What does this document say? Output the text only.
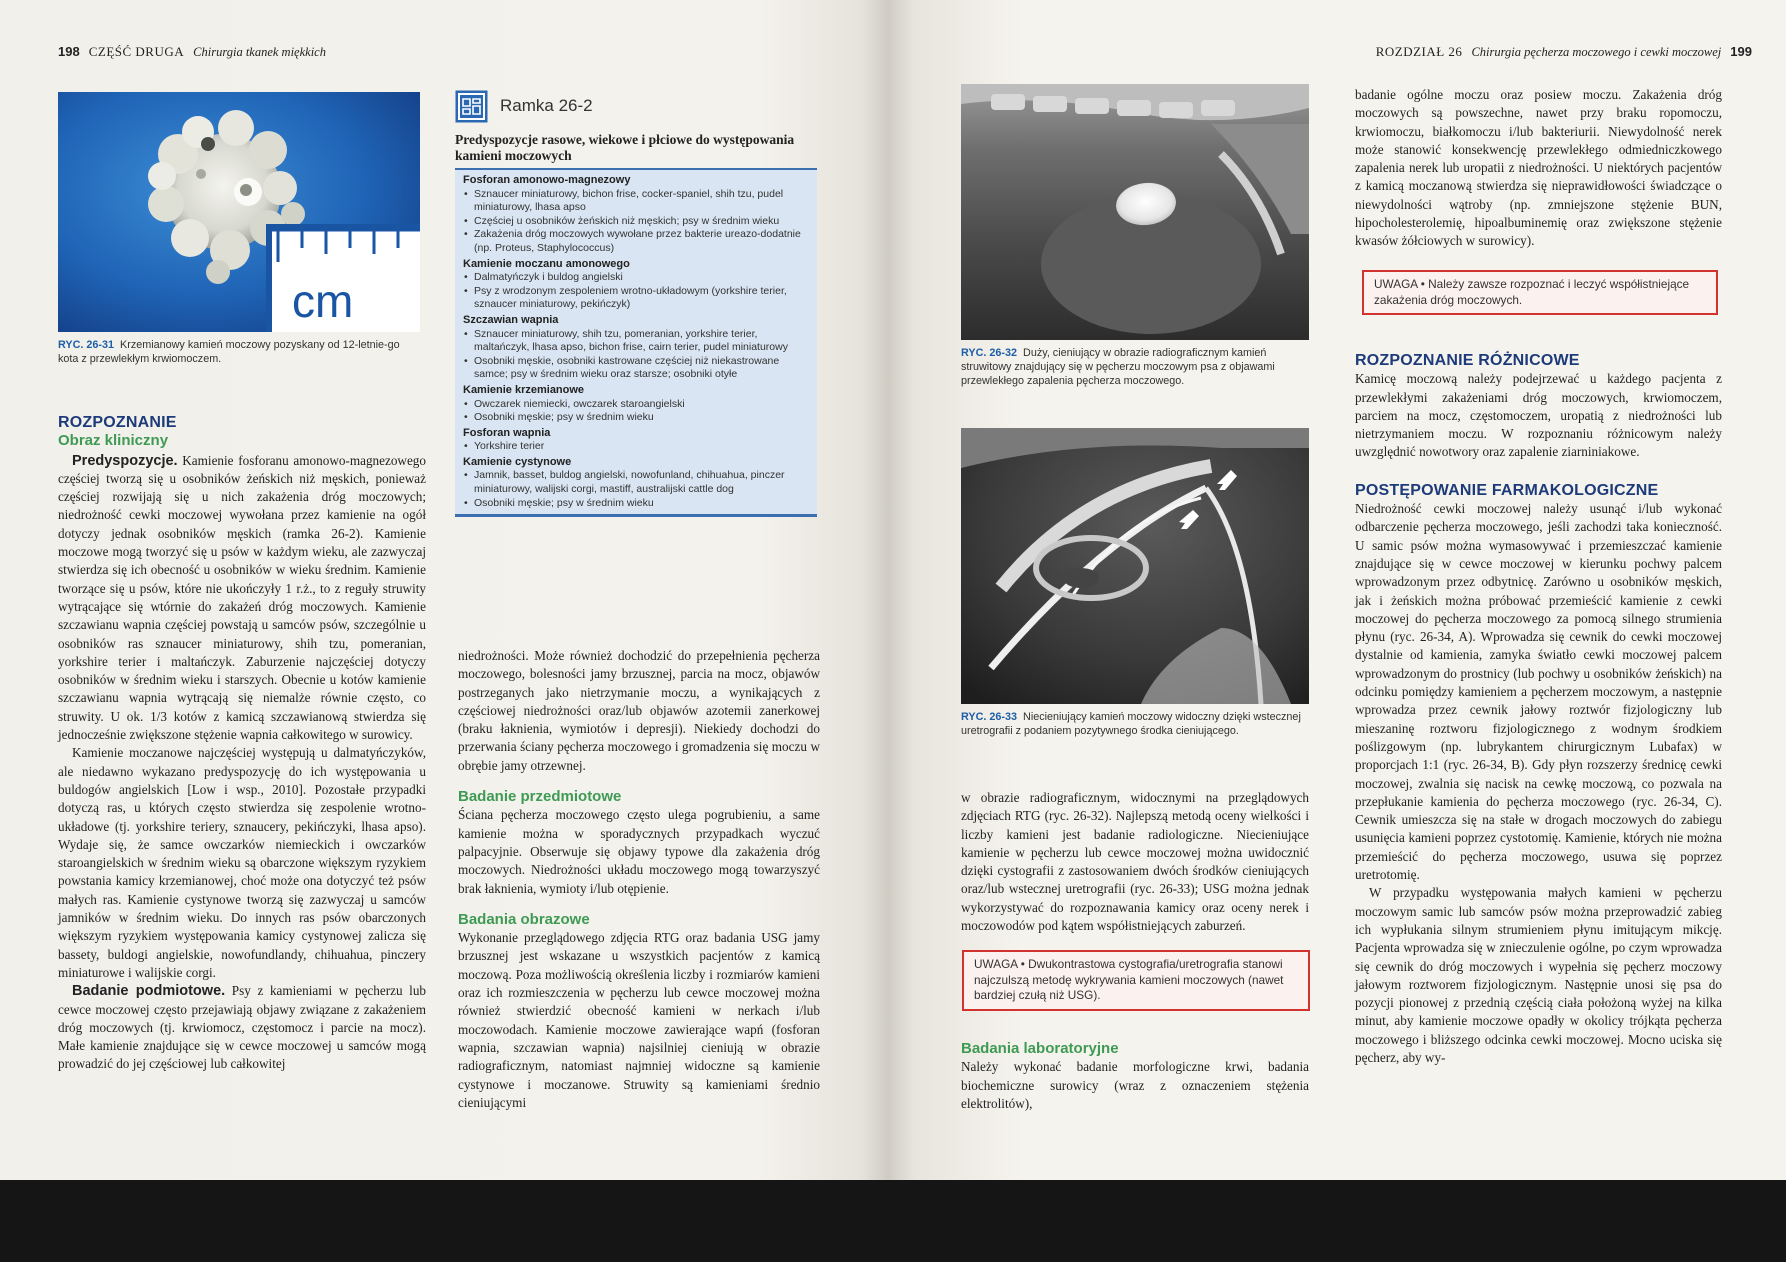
198 CZĘŚĆ DRUGA Chirurgia tkanek miękkich
cm
RYC. 26-31 Krzemianowy kamień moczowy pozyskany od 12-letnie-go kota z przewlekłym krwiomoczem.
ROZPOZNANIE
Obraz kliniczny

Predyspozycje. Kamienie fosforanu amonowo-magnezowego częściej tworzą się u osobników żeńskich niż męskich, ponieważ częściej rozwijają się u nich zakażenia dróg moczowych; niedrożność cewki moczowej wywołana przez kamienie na ogół dotyczy jednak osobników męskich (ramka 26-2). Kamienie moczowe mogą tworzyć się u psów w każdym wieku, ale zazwyczaj stwierdza się ich obecność u osobników w wieku średnim. Kamienie tworzące się u psów, które nie ukończyły 1 r.ż., to z reguły struwity wytrącające się wtórnie do zakażeń dróg moczowych. Kamienie szczawianu wapnia częściej powstają u samców psów, szczególnie u osobników ras sznaucer miniaturowy, shih tzu, pomeranian, yorkshire terier i maltańczyk. Zaburzenie najczęściej dotyczy osobników w średnim wieku i starszych. Obecnie u kotów kamienie szczawianu wapnia wytrącają się niemalże równie często, co struwity. U ok. 1/3 kotów z kamicą szczawianową stwierdza się jednocześnie zwiększone stężenie wapnia całkowitego w surowicy.

Kamienie moczanowe najczęściej występują u dalmatyńczyków, ale niedawno wykazano predyspozycję do ich występowania u buldogów angielskich [Low i wsp., 2010]. Pozostałe przypadki dotyczą ras, u których często stwierdza się zespolenie wrotno-układowe (tj. yorkshire teriery, sznaucery, pekińczyki, lhasa apso). Wydaje się, że samce owczarków niemieckich i owczarków staroangielskich w średnim wieku są obarczone większym ryzykiem powstania kamicy krzemianowej, choć może ona dotyczyć też psów małych ras. Kamienie cystynowe tworzą się zazwyczaj u samców jamników w średnim wieku. Do innych ras psów obarczonych większym ryzykiem występowania kamicy cystynowej zalicza się bassety, buldogi angielskie, nowofundlandy, chihuahua, pinczery miniaturowe i walijskie corgi.

Badanie podmiotowe. Psy z kamieniami w pęcherzu lub cewce moczowej często przejawiają objawy związane z zakażeniem dróg moczowych (tj. krwiomocz, częstomocz i parcie na mocz). Małe kamienie znajdujące się w cewce moczowej u samców mogą prowadzić do jej częściowej lub całkowitej

Ramka 26-2
Predyspozycje rasowe, wiekowe i płciowe do występowania kamieni moczowych
Fosforan amonowo-magnezowy
• Sznaucer miniaturowy, bichon frise, cocker-spaniel, shih tzu, pudel miniaturowy, lhasa apso
• Częściej u osobników żeńskich niż męskich; psy w średnim wieku
• Zakażenia dróg moczowych wywołane przez bakterie ureazo-dodatnie (np. Proteus, Staphylococcus)
Kamienie moczanu amonowego
• Dalmatyńczyk i buldog angielski
• Psy z wrodzonym zespoleniem wrotno-układowym (yorkshire terier, sznaucer miniaturowy, pekińczyk)
Szczawian wapnia
• Sznaucer miniaturowy, shih tzu, pomeranian, yorkshire terier, maltańczyk, lhasa apso, bichon frise, cairn terier, pudel miniaturowy
• Osobniki męskie, osobniki kastrowane częściej niż niekastrowane samce; psy w średnim wieku oraz starsze; osobniki otyłe
Kamienie krzemianowe
• Owczarek niemiecki, owczarek staroangielski
• Osobniki męskie; psy w średnim wieku
Fosforan wapnia
• Yorkshire terier
Kamienie cystynowe
• Jamnik, basset, buldog angielski, nowofunland, chihuahua, pinczer miniaturowy, walijski corgi, mastiff, australijski cattle dog
• Osobniki męskie; psy w średnim wieku

niedrożności. Może również dochodzić do przepełnienia pęcherza moczowego, bolesności jamy brzusznej, parcia na mocz, objawów postrzeganych jako nietrzymanie moczu, a wynikających z częściowej niedrożności oraz/lub objawów azotemii zanerkowej (braku łaknienia, wymiotów i depresji). Niekiedy dochodzi do przerwania ściany pęcherza moczowego i gromadzenia się moczu w obrębie jamy otrzewnej.

Badanie przedmiotowe

Ściana pęcherza moczowego często ulega pogrubieniu, a same kamienie można w sporadycznych przypadkach wyczuć palpacyjnie. Obserwuje się objawy typowe dla zakażenia dróg moczowych. Niedrożności układu moczowego mogą towarzyszyć brak łaknienia, wymioty i/lub otępienie.

Badania obrazowe

Wykonanie przeglądowego zdjęcia RTG oraz badania USG jamy brzusznej jest wskazane u wszystkich pacjentów z kamicą moczową. Poza możliwością określenia liczby i rozmiarów kamieni oraz ich rozmieszczenia w pęcherzu lub cewce moczowej można również stwierdzić obecność kamieni w nerkach i/lub moczowodach. Kamienie moczowe zawierające wapń (fosforan wapnia, szczawian wapnia) najsilniej cieniują w obrazie radiograficznym, natomiast najmniej widoczne są kamienie cystynowe i moczanowe. Struwity są kamieniami średnio cieniującymi

ROZDZIAŁ 26 Chirurgia pęcherza moczowego i cewki moczowej 199
RYC. 26-32 Duży, cieniujący w obrazie radiograficznym kamień struwitowy znajdujący się w pęcherzu moczowym psa z objawami przewlekłego zapalenia pęcherza moczowego.
RYC. 26-33 Niecieniujący kamień moczowy widoczny dzięki wstecznej uretrografii z podaniem pozytywnego środka cieniującego.

w obrazie radiograficznym, widocznymi na przeglądowych zdjęciach RTG (ryc. 26-32). Najlepszą metodą oceny wielkości i liczby kamieni jest badanie radiologiczne. Niecieniujące kamienie w pęcherzu lub cewce moczowej można uwidocznić dzięki cystografii z zastosowaniem dwóch środków cieniujących oraz/lub wstecznej uretrografii (ryc. 26-33); USG można jednak wykorzystywać do rozpoznawania kamicy oraz oceny nerek i moczowodów pod kątem współistniejących zaburzeń.

UWAGA • Dwukontrastowa cystografia/uretrografia stanowi najczulszą metodę wykrywania kamieni moczowych (nawet bardziej czułą niż USG).
Badania laboratoryjne

Należy wykonać badanie morfologiczne krwi, badania biochemiczne surowicy (wraz z oznaczeniem stężenia elektrolitów),

badanie ogólne moczu oraz posiew moczu. Zakażenia dróg moczowych są powszechne, nawet przy braku ropomoczu, krwiomoczu, białkomoczu i/lub bakteriurii. Niewydolność nerek może stanowić konsekwencję przewlekłego odmiedniczkowego zapalenia nerek lub uropatii z niedrożności. U niektórych pacjentów z kamicą moczanową stwierdza się nieprawidłowości świadczące o niewydolności wątroby (np. zmniejszone stężenie BUN, hipocholesterolemię, hipoalbuminemię oraz zwiększone stężenie kwasów żółciowych w surowicy).

UWAGA • Należy zawsze rozpoznać i leczyć współistniejące zakażenia dróg moczowych.
ROZPOZNANIE RÓŻNICOWE

Kamicę moczową należy podejrzewać u każdego pacjenta z przewlekłymi zakażeniami dróg moczowych, krwiomoczem, parciem na mocz, częstomoczem, uropatią z niedrożności lub nietrzymaniem moczu. W rozpoznaniu różnicowym należy uwzględnić nowotwory oraz zapalenie ziarniniakowe.

POSTĘPOWANIE FARMAKOLOGICZNE

Niedrożność cewki moczowej należy usunąć i/lub wykonać odbarczenie pęcherza moczowego, jeśli zachodzi taka konieczność. U samic psów można wymasowywać i przemieszczać kamienie znajdujące się w cewce moczowej w kierunku pochwy palcem wprowadzonym przez odbytnicę. Zarówno u osobników męskich, jak i żeńskich można próbować przemieścić kamienie z cewki moczowej do pęcherza moczowego za pomocą silnego strumienia płynu (ryc. 26-34, A). Wprowadza się cewnik do cewki moczowej dystalnie od kamienia, zamyka światło cewki moczowej palcem wprowadzonym do prostnicy (lub pochwy u osobników żeńskich) na odcinku pomiędzy kamieniem a pęcherzem moczowym, a następnie wprowadza przez cewnik jałowy roztwór fizjologiczny lub mieszaninę roztworu fizjologicznego z wodnym środkiem poślizgowym (np. lubrykantem chirurgicznym Lubafax) w proporcjach 1:1 (ryc. 26-34, B). Gdy płyn rozszerzy średnicę cewki moczowej, zwalnia się nacisk na cewkę moczową, co pozwala na przepłukanie kamienia do pęcherza moczowego (ryc. 26-34, C). Cewnik umieszcza się na stałe w drogach moczowych do zabiegu usunięcia kamieni poprzez cystotomię. Kamienie, których nie można przemieścić do pęcherza moczowego, usuwa się poprzez uretrotomię.

W przypadku występowania małych kamieni w pęcherzu moczowym samic lub samców psów można przeprowadzić zabieg ich wypłukania silnym strumieniem płynu imitującym mikcję. Pacjenta wprowadza się w znieczulenie ogólne, po czym wprowadza się cewnik do dróg moczowych i wypełnia się pęcherz moczowy jałowym roztworem fizjologicznym. Następnie unosi się psa do pozycji pionowej z przednią częścią ciała położoną wyżej na kilka minut, aby kamienie moczowe opadły w okolicy trójkąta pęcherza moczowego i bliższego odcinka cewki moczowej. Mocno uciska się pęcherz, aby wy-
